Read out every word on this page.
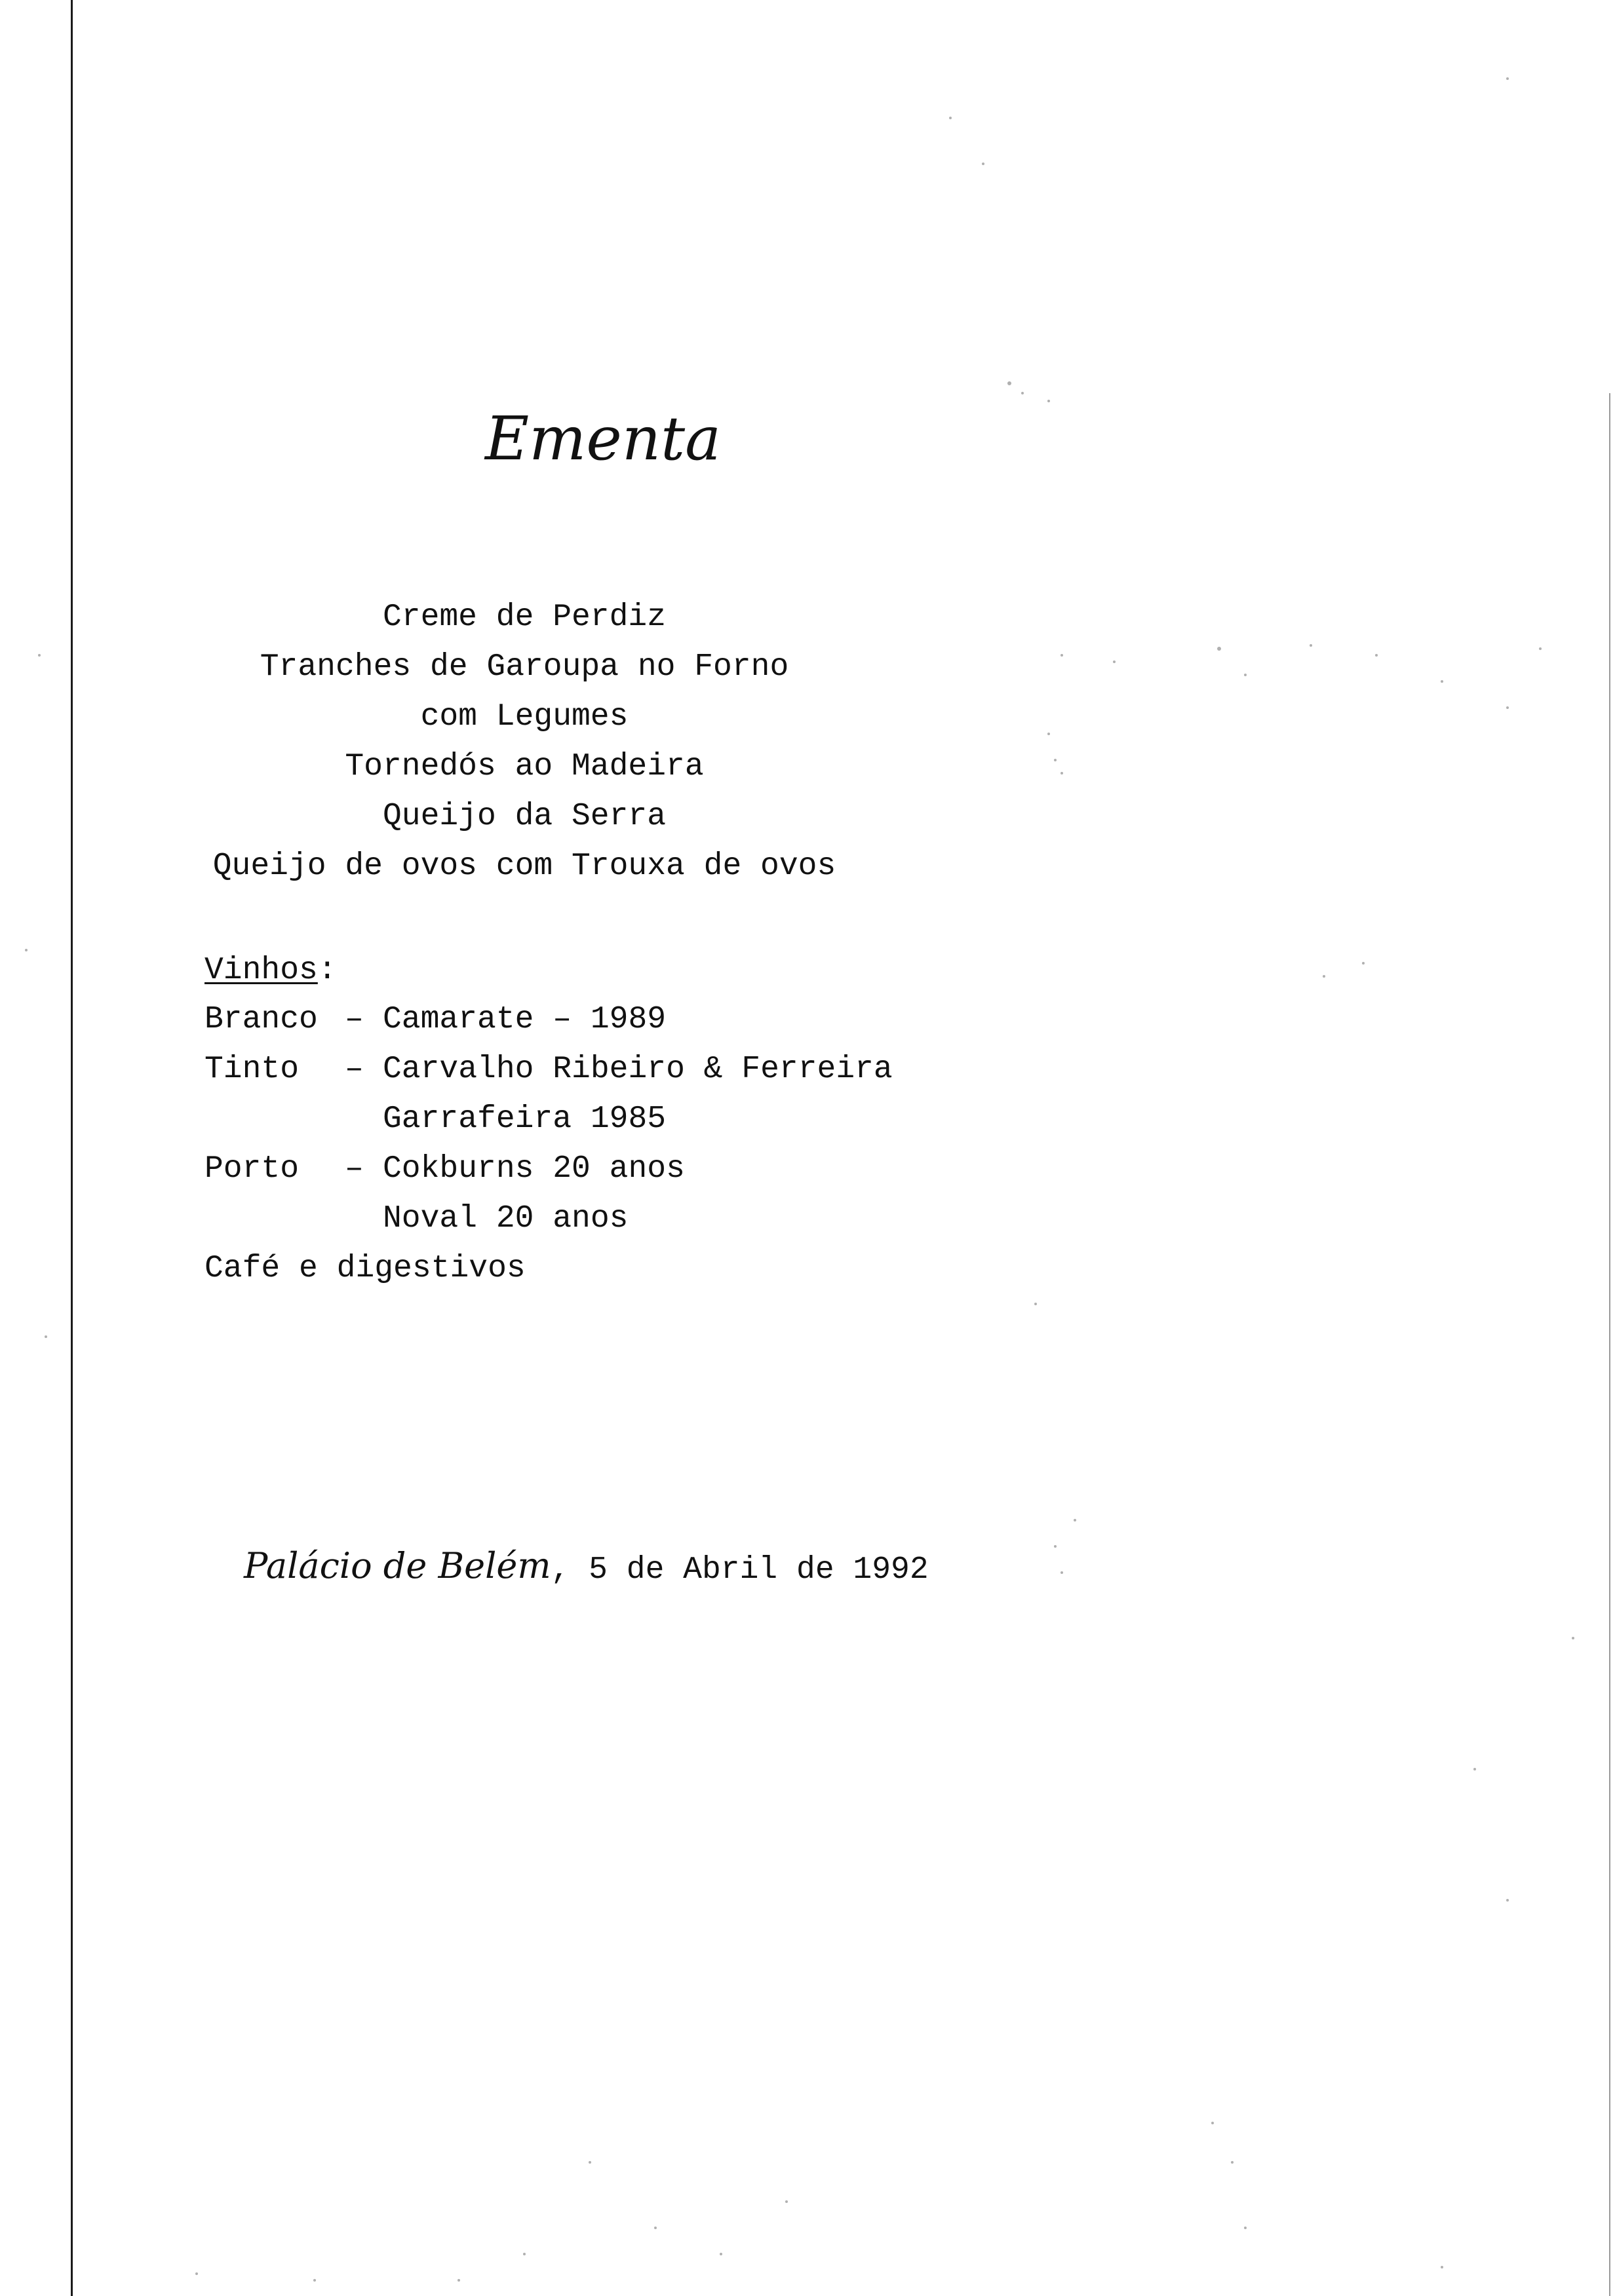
Ementa
Creme de Perdiz
Tranches de Garoupa no Forno
com Legumes
Tornedós ao Madeira
Queijo da Serra
Queijo de ovos com Trouxa de ovos
Vinhos:
Branco – Camarate – 1989
Tinto – Carvalho Ribeiro & Ferreira
Garrafeira 1985
Porto – Cokburns 20 anos
Noval 20 anos
Café e digestivos
Palácio de Belém, 5 de Abril de 1992
